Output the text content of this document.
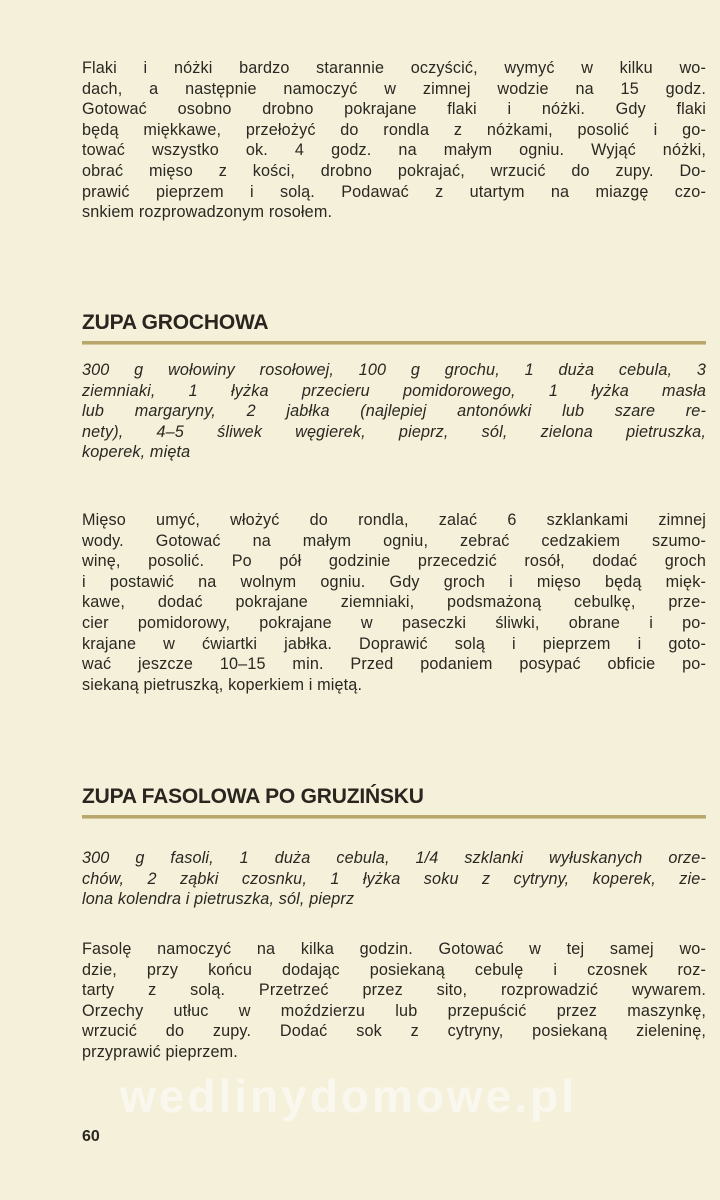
wedlinydomowe.pl
Flaki i nóżki bardzo starannie oczyścić, wymyć w kilku wo-
dach, a następnie namoczyć w zimnej wodzie na 15 godz.
Gotować osobno drobno pokrajane flaki i nóżki. Gdy flaki
będą miękkawe, przełożyć do rondla z nóżkami, posolić i go-
tować wszystko ok. 4 godz. na małym ogniu. Wyjąć nóżki,
obrać mięso z kości, drobno pokrajać, wrzucić do zupy. Do-
prawić pieprzem i solą. Podawać z utartym na miazgę czo-
snkiem rozprowadzonym rosołem.
ZUPA GROCHOWA
300 g wołowiny rosołowej, 100 g grochu, 1 duża cebula, 3
ziemniaki, 1 łyżka przecieru pomidorowego, 1 łyżka masła
lub margaryny, 2 jabłka (najlepiej antonówki lub szare re-
nety), 4–5 śliwek węgierek, pieprz, sól, zielona pietruszka,
koperek, mięta
Mięso umyć, włożyć do rondla, zalać 6 szklankami zimnej
wody. Gotować na małym ogniu, zebrać cedzakiem szumo-
winę, posolić. Po pół godzinie przecedzić rosół, dodać groch
i postawić na wolnym ogniu. Gdy groch i mięso będą mięk-
kawe, dodać pokrajane ziemniaki, podsmażoną cebulkę, prze-
cier pomidorowy, pokrajane w paseczki śliwki, obrane i po-
krajane w ćwiartki jabłka. Doprawić solą i pieprzem i goto-
wać jeszcze 10–15 min. Przed podaniem posypać obficie po-
siekaną pietruszką, koperkiem i miętą.
ZUPA FASOLOWA PO GRUZIŃSKU
300 g fasoli, 1 duża cebula, 1/4 szklanki wyłuskanych orze-
chów, 2 ząbki czosnku, 1 łyżka soku z cytryny, koperek, zie-
lona kolendra i pietruszka, sól, pieprz
Fasolę namoczyć na kilka godzin. Gotować w tej samej wo-
dzie, przy końcu dodając posiekaną cebulę i czosnek roz-
tarty z solą. Przetrzeć przez sito, rozprowadzić wywarem.
Orzechy utłuc w moździerzu lub przepuścić przez maszynkę,
wrzucić do zupy. Dodać sok z cytryny, posiekaną zieleninę,
przyprawić pieprzem.
60
